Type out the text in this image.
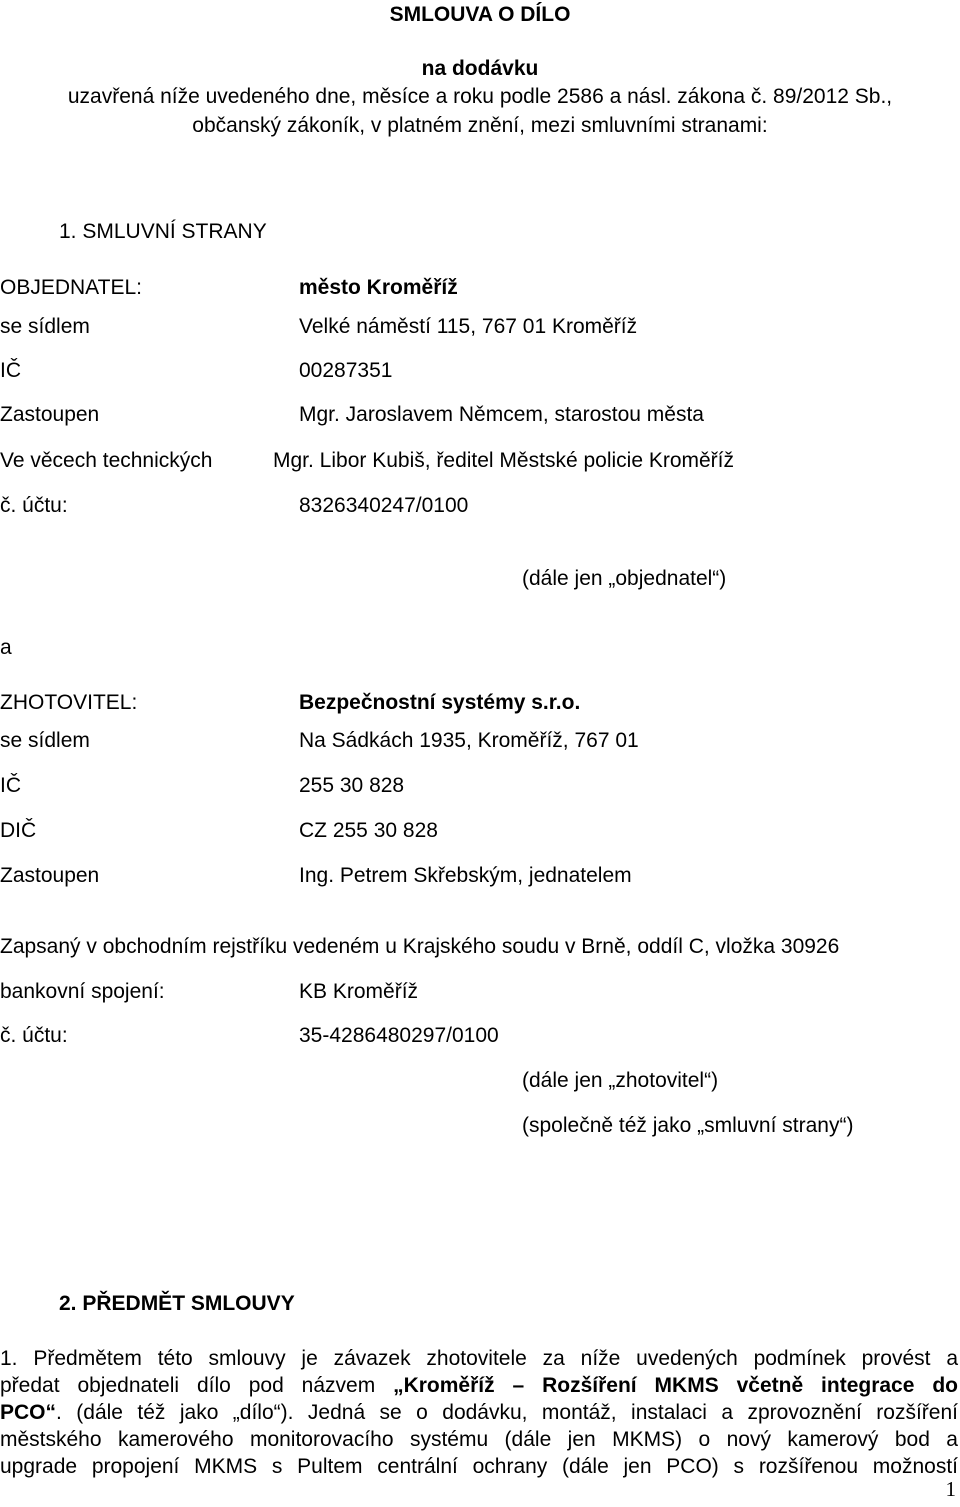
SMLOUVA O DÍLO
na dodávku
uzavřená níže uvedeného dne, měsíce a roku podle 2586 a násl. zákona č. 89/2012 Sb.,
občanský zákoník, v platném znění, mezi smluvními stranami:
1. SMLUVNÍ STRANY
OBJEDNATEL:	město Kroměříž
se sídlem	Velké náměstí 115, 767 01 Kroměříž
IČ	00287351
Zastoupen	Mgr. Jaroslavem Němcem, starostou města
Ve věcech technických	Mgr. Libor Kubiš, ředitel Městské policie Kroměříž
č. účtu:	8326340247/0100
(dále jen „objednatel“)
a
ZHOTOVITEL:	Bezpečnostní systémy s.r.o.
se sídlem	Na Sádkách 1935, Kroměříž, 767 01
IČ	255 30 828
DIČ	CZ 255 30 828
Zastoupen	Ing. Petrem Skřebským, jednatelem
Zapsaný v obchodním rejstříku vedeném u Krajského soudu v Brně, oddíl C, vložka 30926
bankovní spojení:	KB Kroměříž
č. účtu:	35-4286480297/0100
(dále jen „zhotovitel“)
(společně též jako „smluvní strany“)
2. PŘEDMĚT SMLOUVY
1. Předmětem této smlouvy je závazek zhotovitele za níže uvedených podmínek provést a
předat objednateli dílo pod názvem „Kroměříž – Rozšíření MKMS včetně integrace do
PCO“. (dále též jako „dílo“). Jedná se o dodávku, montáž, instalaci a zprovoznění rozšíření
městského kamerového monitorovacího systému (dále jen MKMS) o nový kamerový bod a
upgrade propojení MKMS s Pultem centrální ochrany (dále jen PCO) s rozšířenou možností
1
